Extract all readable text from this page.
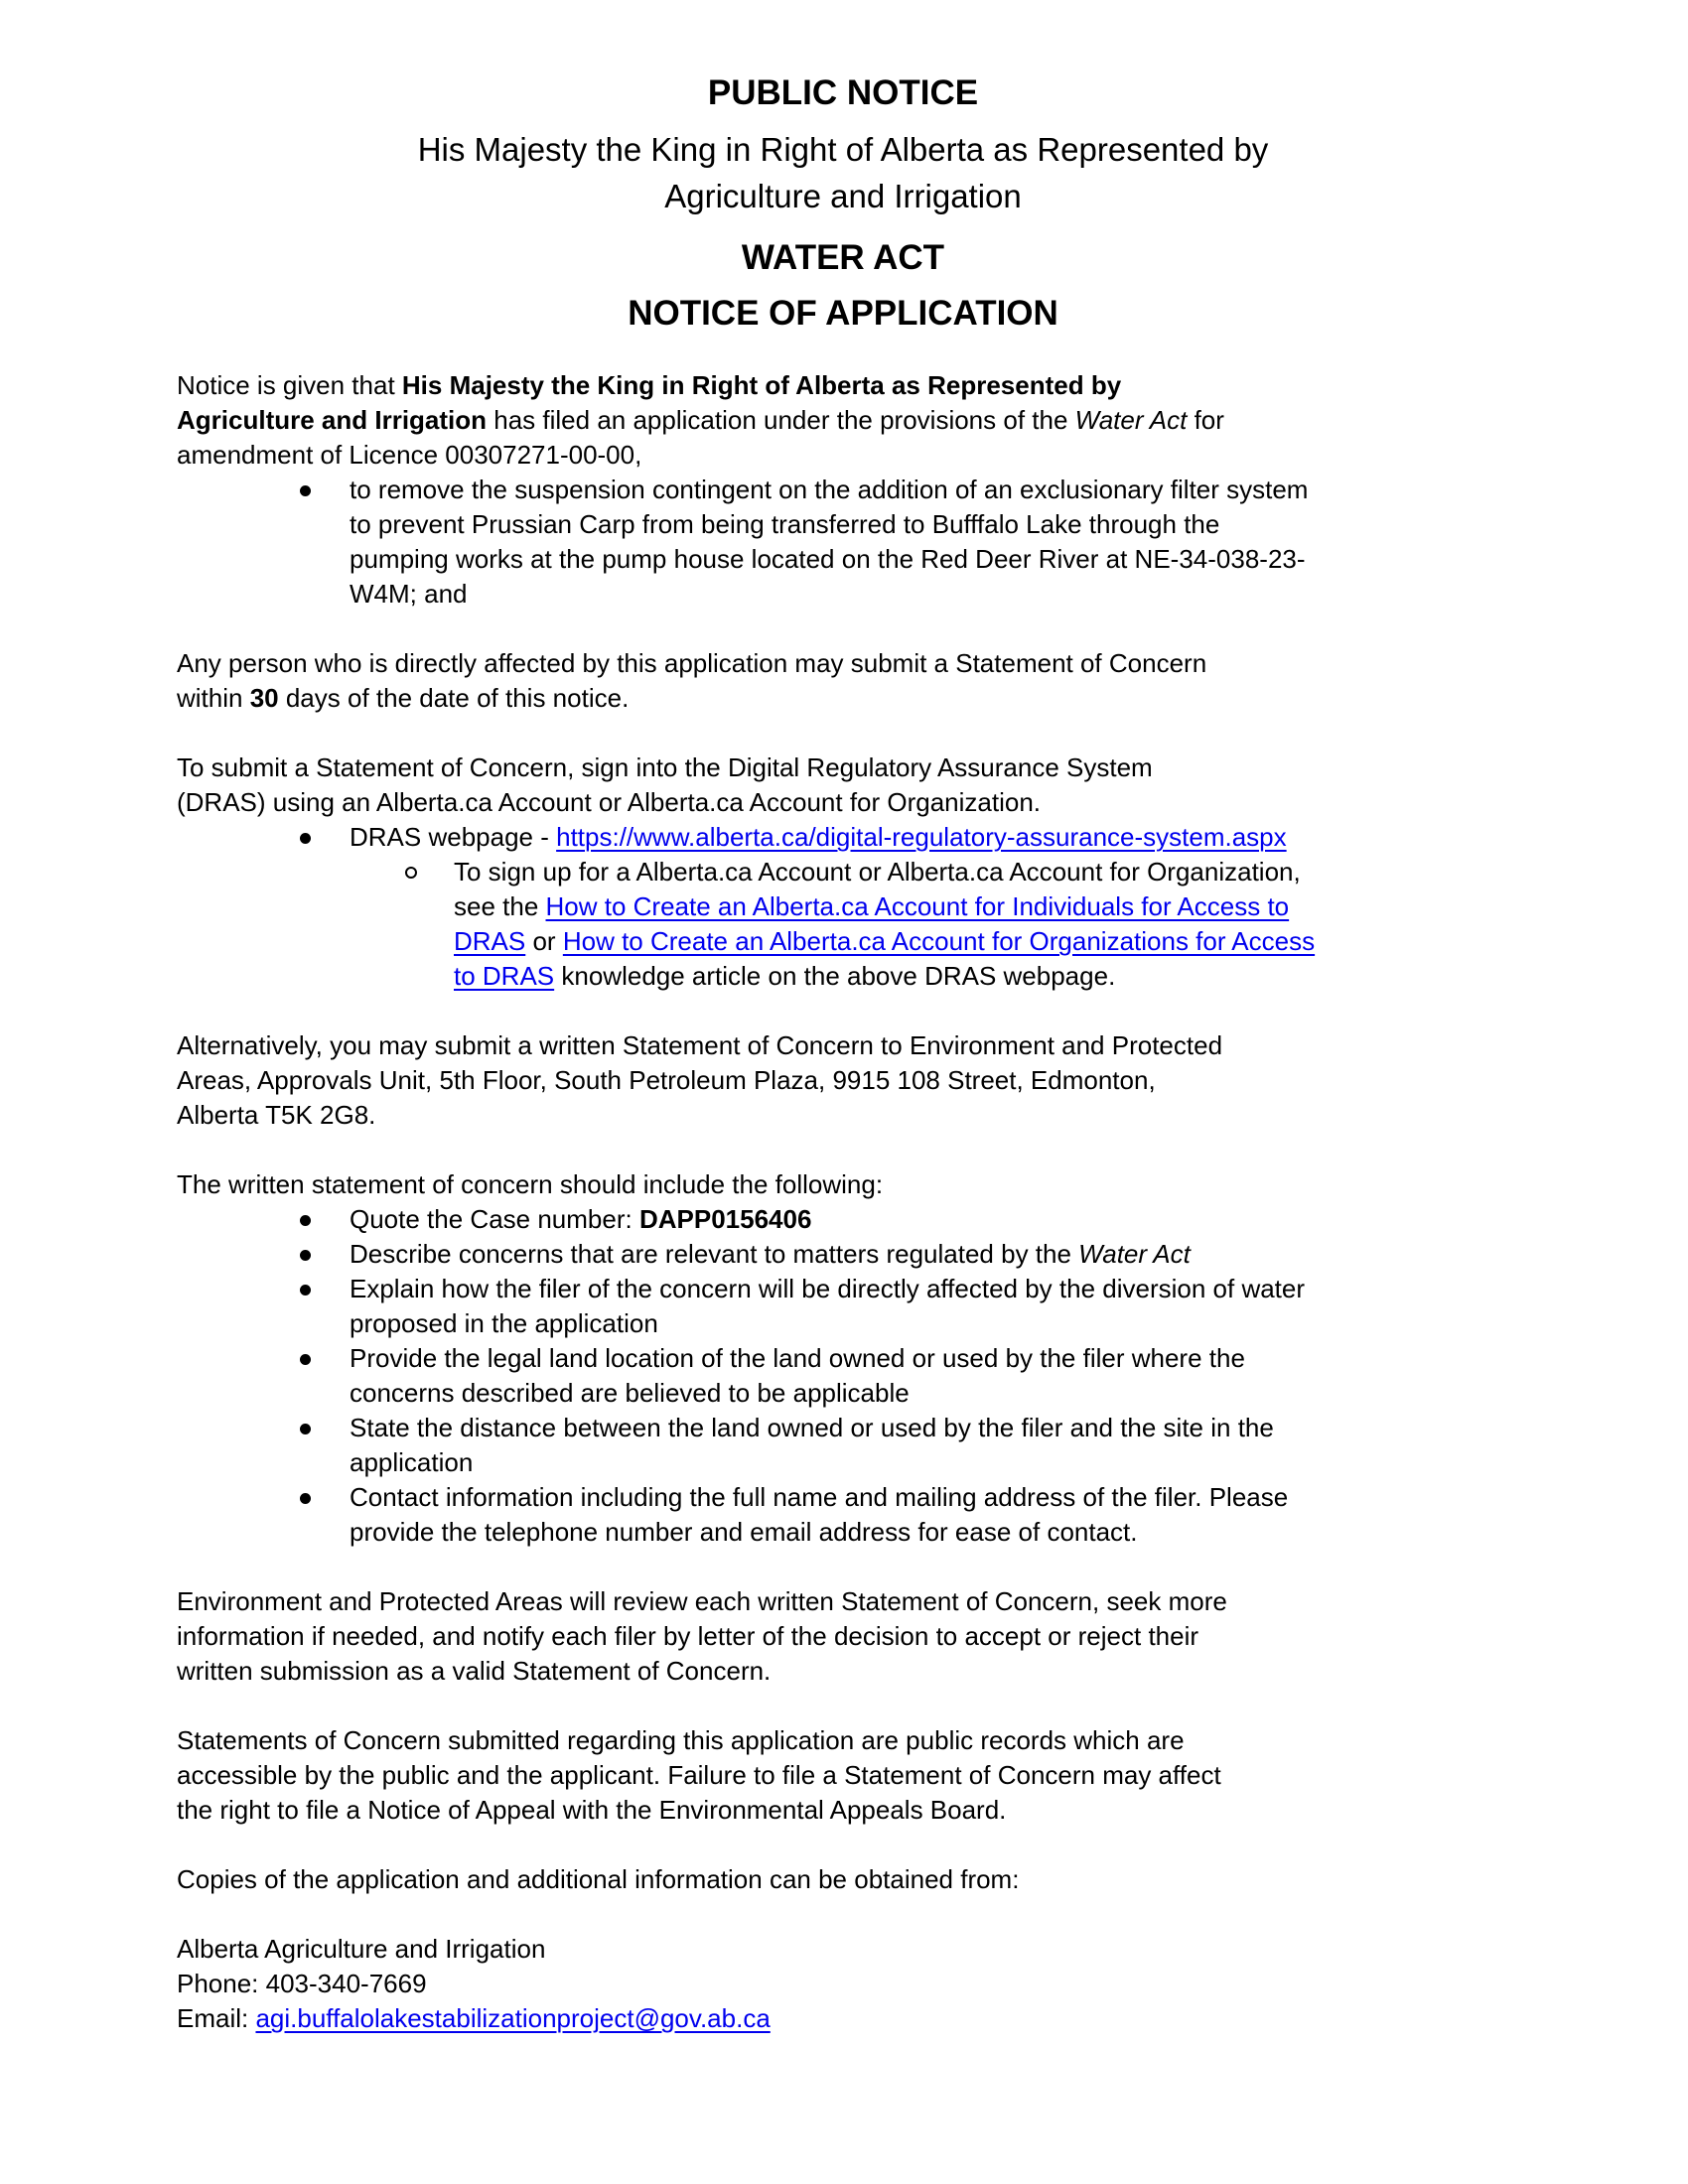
PUBLIC NOTICE
His Majesty the King in Right of Alberta as Represented by
Agriculture and Irrigation
WATER ACT
NOTICE OF APPLICATION
Notice is given that His Majesty the King in Right of Alberta as Represented by
Agriculture and Irrigation has filed an application under the provisions of the Water Act for
amendment of Licence 00307271-00-00,
to remove the suspension contingent on the addition of an exclusionary filter system
to prevent Prussian Carp from being transferred to Bufffalo Lake through the
pumping works at the pump house located on the Red Deer River at NE-34-038-23-
W4M; and
Any person who is directly affected by this application may submit a Statement of Concern
within 30 days of the date of this notice.
To submit a Statement of Concern, sign into the Digital Regulatory Assurance System
(DRAS) using an Alberta.ca Account or Alberta.ca Account for Organization.
DRAS webpage - https://www.alberta.ca/digital-regulatory-assurance-system.aspx
To sign up for a Alberta.ca Account or Alberta.ca Account for Organization,
see the How to Create an Alberta.ca Account for Individuals for Access to
DRAS or How to Create an Alberta.ca Account for Organizations for Access
to DRAS knowledge article on the above DRAS webpage.
Alternatively, you may submit a written Statement of Concern to Environment and Protected
Areas, Approvals Unit, 5th Floor, South Petroleum Plaza, 9915 108 Street, Edmonton,
Alberta T5K 2G8.
The written statement of concern should include the following:
Quote the Case number: DAPP0156406
Describe concerns that are relevant to matters regulated by the Water Act
Explain how the filer of the concern will be directly affected by the diversion of water
proposed in the application
Provide the legal land location of the land owned or used by the filer where the
concerns described are believed to be applicable
State the distance between the land owned or used by the filer and the site in the
application
Contact information including the full name and mailing address of the filer. Please
provide the telephone number and email address for ease of contact.
Environment and Protected Areas will review each written Statement of Concern, seek more
information if needed, and notify each filer by letter of the decision to accept or reject their
written submission as a valid Statement of Concern.
Statements of Concern submitted regarding this application are public records which are
accessible by the public and the applicant. Failure to file a Statement of Concern may affect
the right to file a Notice of Appeal with the Environmental Appeals Board.
Copies of the application and additional information can be obtained from:
Alberta Agriculture and Irrigation
Phone: 403-340-7669
Email: agi.buffalolakestabilizationproject@gov.ab.ca
